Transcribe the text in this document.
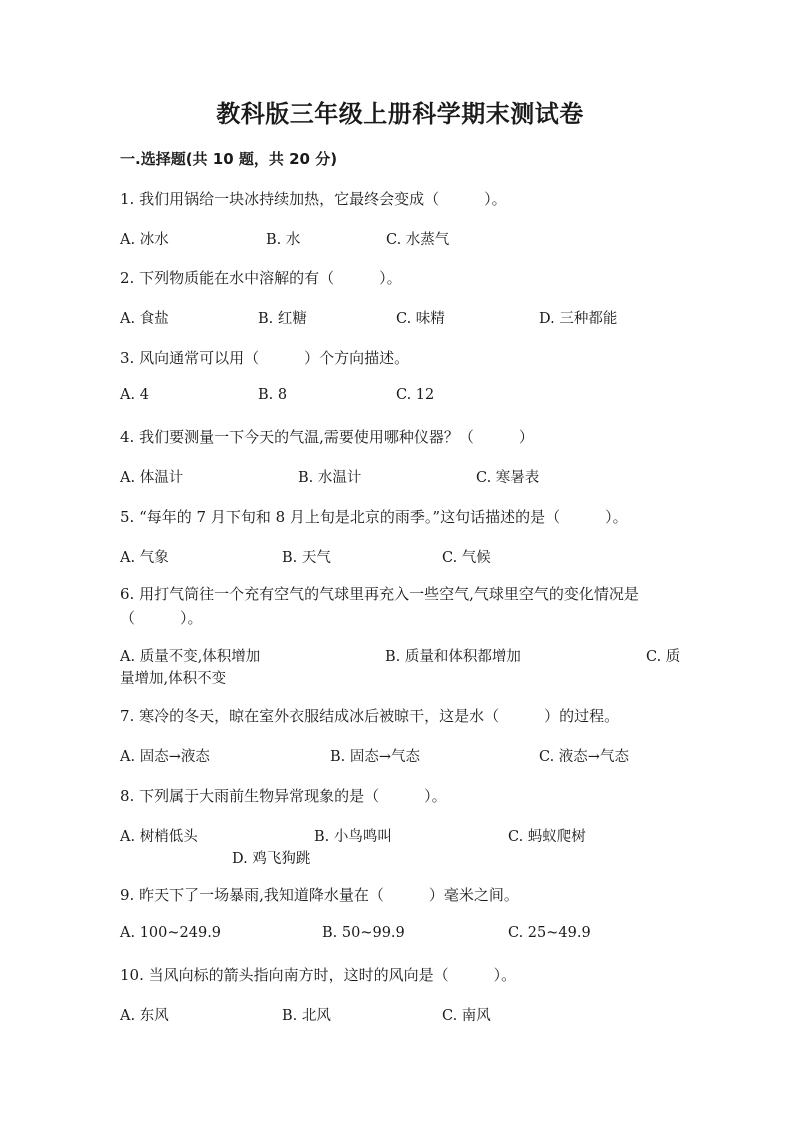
教科版三年级上册科学期末测试卷
一.选择题(共 10 题，共 20 分)
1. 我们用锅给一块冰持续加热，它最终会变成（　　　）。
A. 冰水	B. 水	C. 水蒸气
2. 下列物质能在水中溶解的有（　　　）。
A. 食盐	B. 红糖	C. 味精	D. 三种都能
3. 风向通常可以用（　　　）个方向描述。
A. 4	B. 8	C. 12
4. 我们要测量一下今天的气温,需要使用哪种仪器？（　　　）
A. 体温计	B. 水温计	C. 寒暑表
5. “每年的 7 月下旬和 8 月上旬是北京的雨季。”这句话描述的是（　　　）。
A. 气象	B. 天气	C. 气候
6. 用打气筒往一个充有空气的气球里再充入一些空气,气球里空气的变化情况是（　　　）。
A. 质量不变,体积增加	B. 质量和体积都增加	C. 质
量增加,体积不变
7. 寒冷的冬天，晾在室外衣服结成冰后被晾干，这是水（　　　）的过程。
A. 固态→液态	B. 固态→气态	C. 液态→气态
8. 下列属于大雨前生物异常现象的是（　　　）。
A. 树梢低头	B. 小鸟鸣叫	C. 蚂蚁爬树
D. 鸡飞狗跳
9. 昨天下了一场暴雨,我知道降水量在（　　　）毫米之间。
A. 100~249.9	B. 50~99.9	C. 25~49.9
10. 当风向标的箭头指向南方时，这时的风向是（　　　）。
A. 东风	B. 北风	C. 南风
